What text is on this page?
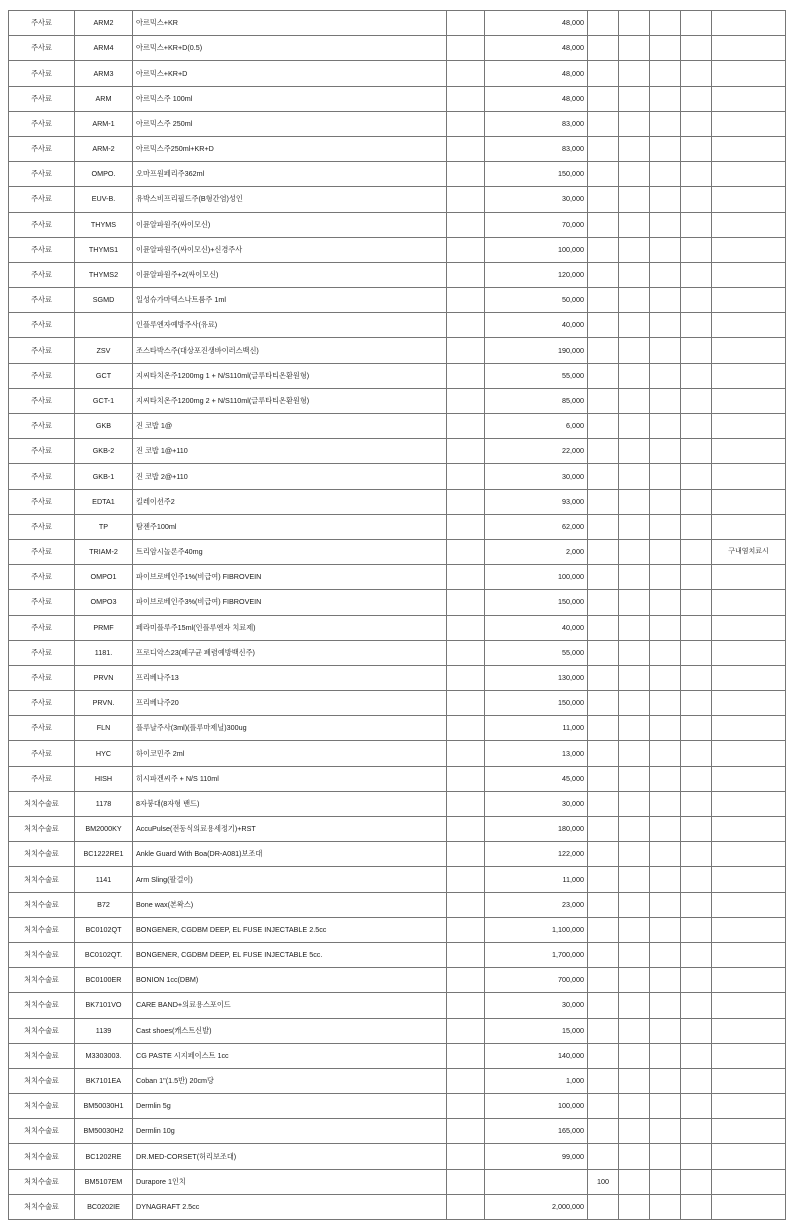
주사료	ARM2	아르믹스+KR		48,000					
주사료	ARM4	아르믹스+KR+D(0.5)		48,000					
주사료	ARM3	아르믹스+KR+D		48,000					
주사료	ARM	아르믹스주 100ml		48,000					
주사료	ARM-1	아르믹스주 250ml		83,000					
주사료	ARM-2	아르믹스주250ml+KR+D		83,000					
주사료	OMPO.	오마프원페리주362ml		150,000					
주사료	EUV-B.	유박스비프리필드주(B형간염)성인		30,000					
주사료	THYMS	이뮨알파원주(싸이모신)		70,000					
주사료	THYMS1	이뮨알파원주(싸이모신)+신경주사		100,000					
주사료	THYMS2	이뮨알파원주+2(싸이모신)		120,000					
주사료	SGMD	일성슈가마덱스나트륨주 1ml		50,000					
주사료		인플루엔자예방주사(유료)		40,000					
주사료	ZSV	조스타박스주(대상포진생바이러스백신)		190,000					
주사료	GCT	지씨타치온주1200mg 1 + N/S110ml(글루타티온환원형)		55,000					
주사료	GCT-1	지씨타치온주1200mg 2 + N/S110ml(글루타티온환원형)		85,000					
주사료	GKB	진 코밥 1@		6,000					
주사료	GKB-2	진 코밥 1@+110		22,000					
주사료	GKB-1	진 코밥 2@+110		30,000					
주사료	EDTA1	킬레이션주2		93,000					
주사료	TP	탐젠주100ml		62,000					
주사료	TRIAM-2	트리암시놀론주40mg		2,000					구내염치료시
주사료	OMPO1	파이브로베인주1%(비급여) FIBROVEIN		100,000					
주사료	OMPO3	파이브로베인주3%(비급여) FIBROVEIN		150,000					
주사료	PRMF	페라미플루주15ml(인플루엔자 치료제)		40,000					
주사료	1181.	프로디악스23(폐구균 폐렴예방백신주)		55,000					
주사료	PRVN	프리베나주13		130,000					
주사료	PRVN.	프리베나주20		150,000					
주사료	FLN	플루날주사(3ml)(플루마제닐)300ug		11,000					
주사료	HYC	하이코민주 2ml		13,000					
주사료	HISH	히시파겐씨주 + N/S 110ml		45,000					
처치수술료	1178	8자붕대(8자형 밴드)		30,000					
처치수술료	BM2000KY	AccuPulse(전동식의료용세정기)+RST		180,000					
처치수술료	BC1222RE1	Ankle Guard With Boa(DR-A081)보조대		122,000					
처치수술료	1141	Arm Sling(팔걸이)		11,000					
처치수술료	B72	Bone wax(본왁스)		23,000					
처치수술료	BC0102QT	BONGENER, CGDBM DEEP, EL FUSE INJECTABLE 2.5cc		1,100,000					
처치수술료	BC0102QT.	BONGENER, CGDBM DEEP, EL FUSE INJECTABLE 5cc.		1,700,000					
처치수술료	BC0100ER	BONION 1cc(DBM)		700,000					
처치수술료	BK7101VO	CARE BAND+의료용스포이드		30,000					
처치수술료	1139	Cast shoes(캐스트신발)		15,000					
처치수술료	M3303003.	CG PASTE 시지페이스트 1cc		140,000					
처치수술료	BK7101EA	Coban 1"(1.5반) 20cm당		1,000					
처치수술료	BM50030H1	Dermlin 5g		100,000					
처치수술료	BM50030H2	Dermlin 10g		165,000					
처치수술료	BC1202RE	DR.MED-CORSET(허리보조대)		99,000					
처치수술료	BM5107EM	Durapore 1인치			100				
처치수술료	BC0202IE	DYNAGRAFT 2.5cc		2,000,000					
